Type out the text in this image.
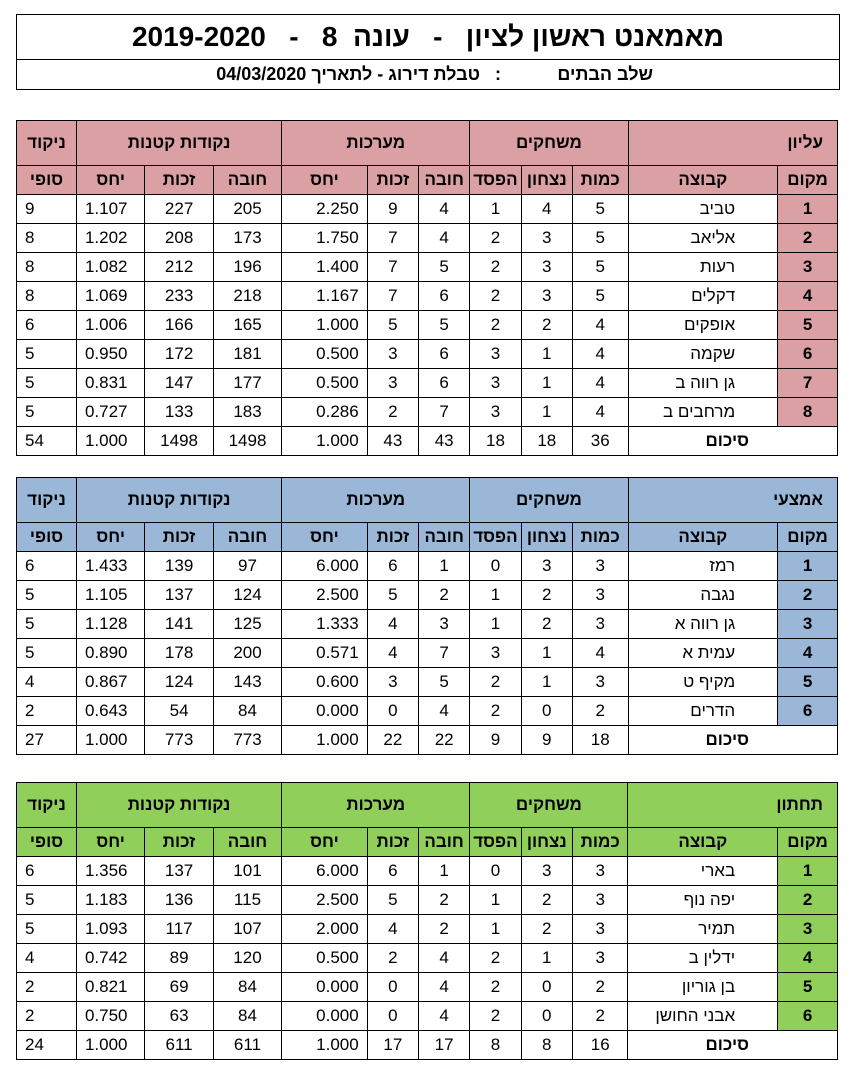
מאמאנט ראשון לציון   -   עונה  8   -   2019-2020
שלב הבתים
:   טבלת דירוג - לתאריך 04/03/2020
עליון		משחקים			מערכות			נקודות קטנות			ניקוד
מקום	קבוצה	כמות	נצחון	הפסד	חובה	זכות	יחס	חובה	זכות	יחס	סופי
1	טביב	5	4	1	4	9	2.250	205	227	1.107	9
2	אליאב	5	3	2	4	7	1.750	173	208	1.202	8
3	רעות	5	3	2	5	7	1.400	196	212	1.082	8
4	דקלים	5	3	2	6	7	1.167	218	233	1.069	8
5	אופקים	4	2	2	5	5	1.000	165	166	1.006	6
6	שקמה	4	1	3	6	3	0.500	181	172	0.950	5
7	גן רווה ב	4	1	3	6	3	0.500	177	147	0.831	5
8	מרחבים ב	4	1	3	7	2	0.286	183	133	0.727	5
סיכום		36	18	18	43	43	1.000	1498	1498	1.000	54
אמצעי		משחקים			מערכות			נקודות קטנות			ניקוד
מקום	קבוצה	כמות	נצחון	הפסד	חובה	זכות	יחס	חובה	זכות	יחס	סופי
1	רמז	3	3	0	1	6	6.000	97	139	1.433	6
2	נגבה	3	2	1	2	5	2.500	124	137	1.105	5
3	גן רווה א	3	2	1	3	4	1.333	125	141	1.128	5
4	עמית א	4	1	3	7	4	0.571	200	178	0.890	5
5	מקיף ט	3	1	2	5	3	0.600	143	124	0.867	4
6	הדרים	2	0	2	4	0	0.000	84	54	0.643	2
סיכום		18	9	9	22	22	1.000	773	773	1.000	27
תחתון		משחקים			מערכות			נקודות קטנות			ניקוד
מקום	קבוצה	כמות	נצחון	הפסד	חובה	זכות	יחס	חובה	זכות	יחס	סופי
1	בארי	3	3	0	1	6	6.000	101	137	1.356	6
2	יפה נוף	3	2	1	2	5	2.500	115	136	1.183	5
3	תמיר	3	2	1	2	4	2.000	107	117	1.093	5
4	ידלין ב	3	1	2	4	2	0.500	120	89	0.742	4
5	בן גוריון	2	0	2	4	0	0.000	84	69	0.821	2
6	אבני החושן	2	0	2	4	0	0.000	84	63	0.750	2
סיכום		16	8	8	17	17	1.000	611	611	1.000	24
